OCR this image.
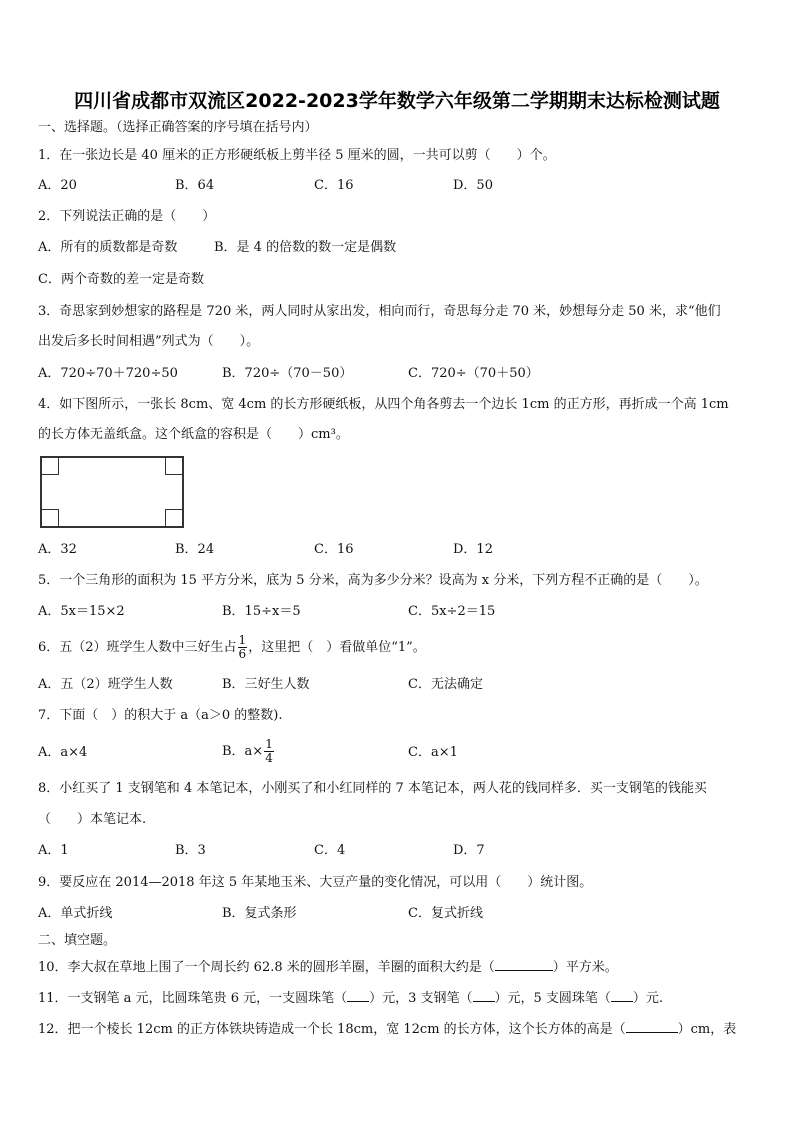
四川省成都市双流区2022-2023学年数学六年级第二学期期末达标检测试题
一、选择题。（选择正确答案的序号填在括号内）
1．在一张边长是 40 厘米的正方形硬纸板上剪半径 5 厘米的圆，一共可以剪（　　）个。
A．20	B．64	C．16	D．50
2．下列说法正确的是（　　）
A．所有的质数都是奇数	B．是 4 的倍数的数一定是偶数
C．两个奇数的差一定是奇数
3．奇思家到妙想家的路程是 720 米，两人同时从家出发，相向而行，奇思每分走 70 米，妙想每分走 50 米，求“他们
出发后多长时间相遇”列式为（　　）。
A．720÷70＋720÷50	B．720÷（70－50）	C．720÷（70＋50）
4．如下图所示，一张长 8cm、宽 4cm 的长方形硬纸板，从四个角各剪去一个边长 1cm 的正方形，再折成一个高 1cm
的长方体无盖纸盒。这个纸盒的容积是（　　）cm³。
A．32	B．24	C．16	D．12
5．一个三角形的面积为 15 平方分米，底为 5 分米，高为多少分米？设高为 x 分米，下列方程不正确的是（　　）。
A．5x＝15×2	B．15÷x＝5	C．5x÷2＝15
6．五（2）班学生人数中三好生占 $\frac{1}{6}$ ，这里把（　）看做单位“1”。
A．五（2）班学生人数	B．三好生人数	C．无法确定
7．下面（　）的积大于 a（a＞0 的整数).
A．a×4	B．$a\times \frac{1}{4}$	C．a×1
8．小红买了 1 支钢笔和 4 本笔记本，小刚买了和小红同样的 7 本笔记本，两人花的钱同样多．买一支钢笔的钱能买
（　　）本笔记本.
A．1	B．3	C．4	D．7
9．要反应在 2014—2018 年这 5 年某地玉米、大豆产量的变化情况，可以用（　　）统计图。
A．单式折线	B．复式条形	C．复式折线
二、填空题。
10．李大叔在草地上围了一个周长约 62.8 米的圆形羊圈，羊圈的面积大约是（	）平方米。
11．一支钢笔 a 元，比圆珠笔贵 6 元，一支圆珠笔（ ）元，3 支钢笔（ ）元，5 支圆珠笔（ ）元.
12．把一个棱长 12cm 的正方体铁块铸造成一个长 18cm，宽 12cm 的长方体，这个长方体的高是（	）cm，表
